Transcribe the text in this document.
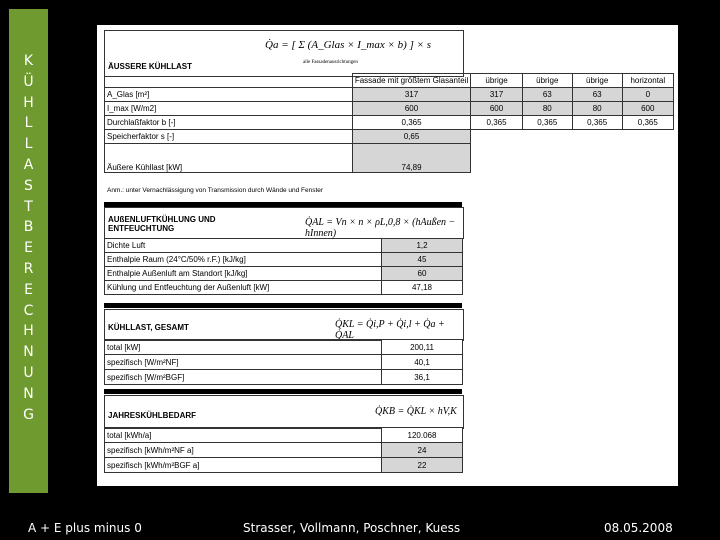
K
Ü
H
L
L
A
S
T
B
E
R
E
C
H
N
U
N
G
ÄUSSERE KÜHLLAST
Q̇a = [ Σ (A_Glas × I_max × b) ] × s
alle Fassadenausrichtungen
	Fassade mit größtem Glasanteil	übrige	übrige	übrige	horizontal
A_Glas [m²]	317	317	63	63	0
I_max [W/m2]	600	600	80	80	600
Durchlaßfaktor b [-]	0,365	0,365	0,365	0,365	0,365
Speicherfaktor s [-]	0,65				
Äußere Kühllast [kW]	74,89				
Anm.: unter Vernachlässigung von Transmission durch Wände und Fenster
AUßENLUFTKÜHLUNG UND
ENTFEUCHTUNG
Q̇AL = Vn × n × ρL,0,8 × (hAußen − hInnen)
Dichte Luft	1,2
Enthalpie Raum (24°C/50% r.F.) [kJ/kg]	45
Enthalpie Außenluft am Standort [kJ/kg]	60
Kühlung und Entfeuchtung der Außenluft [kW]	47,18
KÜHLLAST, GESAMT	Q̇KL = Q̇i,P + Q̇i,l + Q̇a + Q̇AL
total [kW]	200,11
spezifisch [W/m²NF]	40,1
spezifisch [W/m²BGF]	36,1
JAHRESKÜHLBEDARF	Q̇KB = Q̇KL × hV,K
total [kWh/a]	120.068
spezifisch [kWh/m²NF a]	24
spezifisch [kWh/m²BGF a]	22
A + E plus minus 0	Strasser, Vollmann, Poschner, Kuess	08.05.2008
